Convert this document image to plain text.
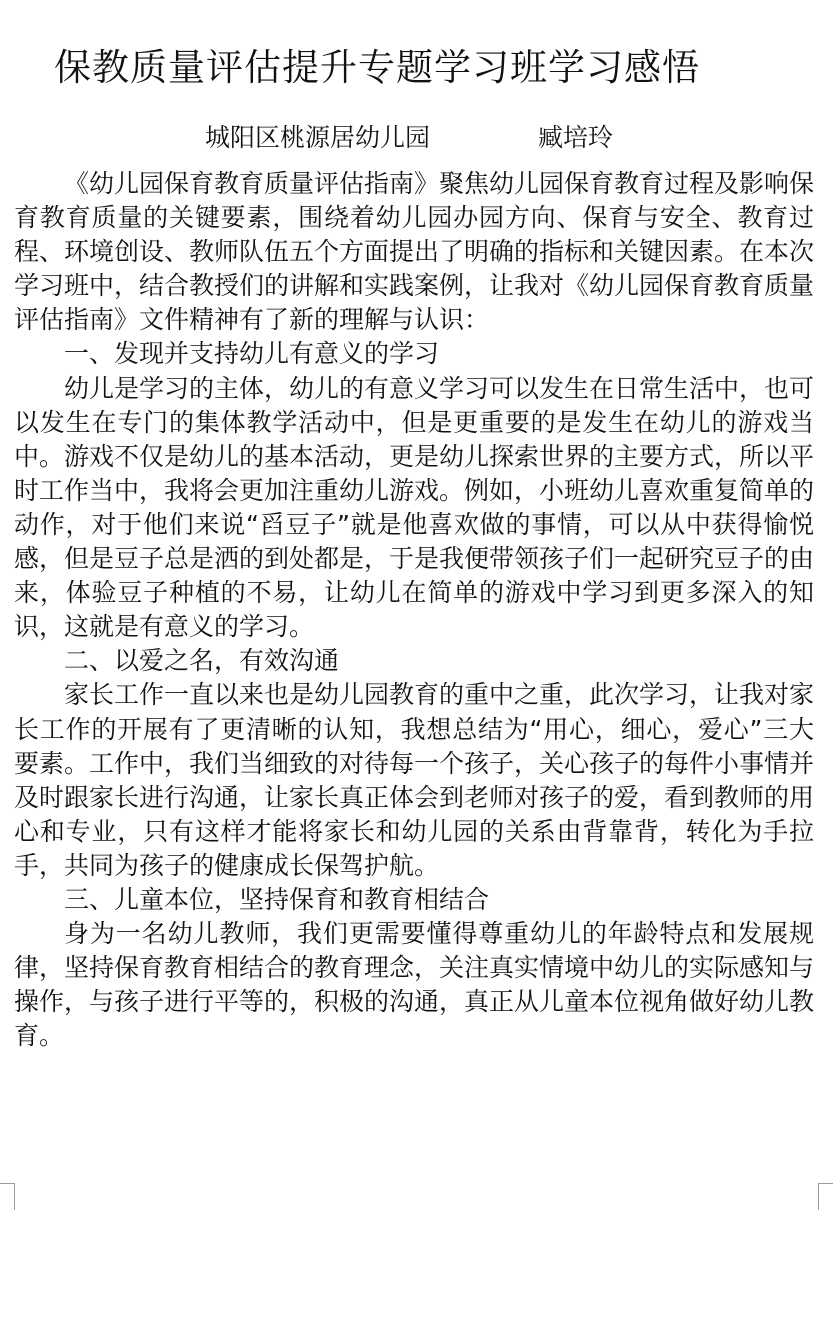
保教质量评估提升专题学习班学习感悟
城阳区桃源居幼儿园	臧培玲

《幼儿园保育教育质量评估指南》聚焦幼儿园保育教育过程及影响保育教育质量的关键要素，围绕着幼儿园办园方向、保育与安全、教育过程、环境创设、教师队伍五个方面提出了明确的指标和关键因素。在本次学习班中，结合教授们的讲解和实践案例，让我对《幼儿园保育教育质量评估指南》文件精神有了新的理解与认识：

一、发现并支持幼儿有意义的学习

幼儿是学习的主体，幼儿的有意义学习可以发生在日常生活中，也可以发生在专门的集体教学活动中，但是更重要的是发生在幼儿的游戏当中。游戏不仅是幼儿的基本活动，更是幼儿探索世界的主要方式，所以平时工作当中，我将会更加注重幼儿游戏。例如，小班幼儿喜欢重复简单的动作，对于他们来说“舀豆子”就是他喜欢做的事情，可以从中获得愉悦感，但是豆子总是洒的到处都是，于是我便带领孩子们一起研究豆子的由来，体验豆子种植的不易，让幼儿在简单的游戏中学习到更多深入的知识，这就是有意义的学习。

二、以爱之名，有效沟通

家长工作一直以来也是幼儿园教育的重中之重，此次学习，让我对家长工作的开展有了更清晰的认知，我想总结为“用心，细心，爱心”三大要素。工作中，我们当细致的对待每一个孩子，关心孩子的每件小事情并及时跟家长进行沟通，让家长真正体会到老师对孩子的爱，看到教师的用心和专业，只有这样才能将家长和幼儿园的关系由背靠背，转化为手拉手，共同为孩子的健康成长保驾护航。

三、儿童本位，坚持保育和教育相结合

身为一名幼儿教师，我们更需要懂得尊重幼儿的年龄特点和发展规律，坚持保育教育相结合的教育理念，关注真实情境中幼儿的实际感知与操作，与孩子进行平等的，积极的沟通，真正从儿童本位视角做好幼儿教育。
